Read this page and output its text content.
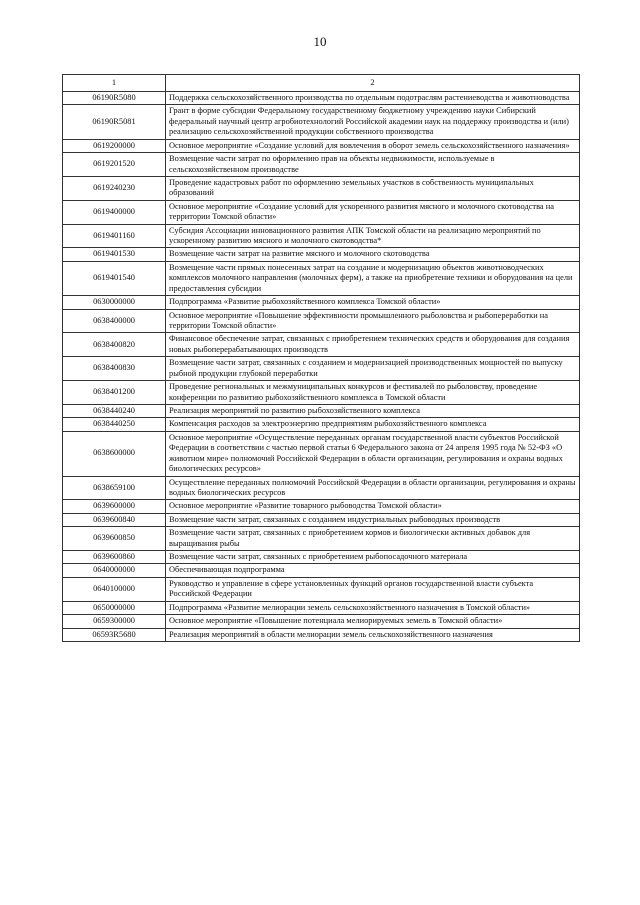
10
1	2
06190R5080	Поддержка сельскохозяйственного производства по отдельным подотраслям растениеводства и животноводства
06190R5081	Грант в форме субсидии Федеральному государственному бюджетному учреждению науки Сибирский федеральный научный центр агробиотехнологий Российской академии наук на поддержку производства и (или) реализацию сельскохозяйственной продукции собственного производства
0619200000	Основное мероприятие «Создание условий для вовлечения в оборот земель сельскохозяйственного назначения»
0619201520	Возмещение части затрат по оформлению прав на объекты недвижимости, используемые в сельскохозяйственном производстве
0619240230	Проведение кадастровых работ по оформлению земельных участков в собственность муниципальных образований
0619400000	Основное мероприятие «Создание условий для ускоренного развития мясного и молочного скотоводства на территории Томской области»
0619401160	Субсидия Ассоциации инновационного развития АПК Томской области на реализацию мероприятий по ускоренному развитию мясного и молочного скотоводства*
0619401530	Возмещение части затрат на развитие мясного и молочного скотоводства
0619401540	Возмещение части прямых понесенных затрат на создание и модернизацию объектов животноводческих комплексов молочного направления (молочных ферм), а также на приобретение техники и оборудования на цели предоставления субсидии
0630000000	Подпрограмма «Развитие рыбохозяйственного комплекса Томской области»
0638400000	Основное мероприятие «Повышение эффективности промышленного рыболовства и рыбопереработки на территории Томской области»
0638400820	Финансовое обеспечение затрат, связанных с приобретением технических средств и оборудования для создания новых рыбоперерабатывающих производств
0638400830	Возмещение части затрат, связанных с созданием и модернизацией производственных мощностей по выпуску рыбной продукции глубокой переработки
0638401200	Проведение региональных и межмуниципальных конкурсов и фестивалей по рыболовству, проведение конференции по развитию рыбохозяйственного комплекса в Томской области
0638440240	Реализация мероприятий по развитию рыбохозяйственного комплекса
0638440250	Компенсация расходов за электроэнергию предприятиям рыбохозяйственного комплекса
0638600000	Основное мероприятие «Осуществление переданных органам государственной власти субъектов Российской Федерации в соответствии с частью первой статьи 6 Федерального закона от 24 апреля 1995 года № 52-ФЗ «О животном мире» полномочий Российской Федерации в области организации, регулирования и охраны водных биологических ресурсов»
0638659100	Осуществление переданных полномочий Российской Федерации в области организации, регулирования и охраны водных биологических ресурсов
0639600000	Основное мероприятие «Развитие товарного рыбоводства Томской области»
0639600840	Возмещение части затрат, связанных с созданием индустриальных рыбоводных производств
0639600850	Возмещение части затрат, связанных с приобретением кормов и биологически активных добавок для выращивания рыбы
0639600860	Возмещение части затрат, связанных с приобретением рыбопосадочного материала
0640000000	Обеспечивающая подпрограмма
0640100000	Руководство и управление в сфере установленных функций органов государственной власти субъекта Российской Федерации
0650000000	Подпрограмма «Развитие мелиорации земель сельскохозяйственного назначения в Томской области»
0659300000	Основное мероприятие «Повышение потенциала мелиорируемых земель в Томской области»
06593R5680	Реализация мероприятий в области мелиорации земель сельскохозяйственного назначения
